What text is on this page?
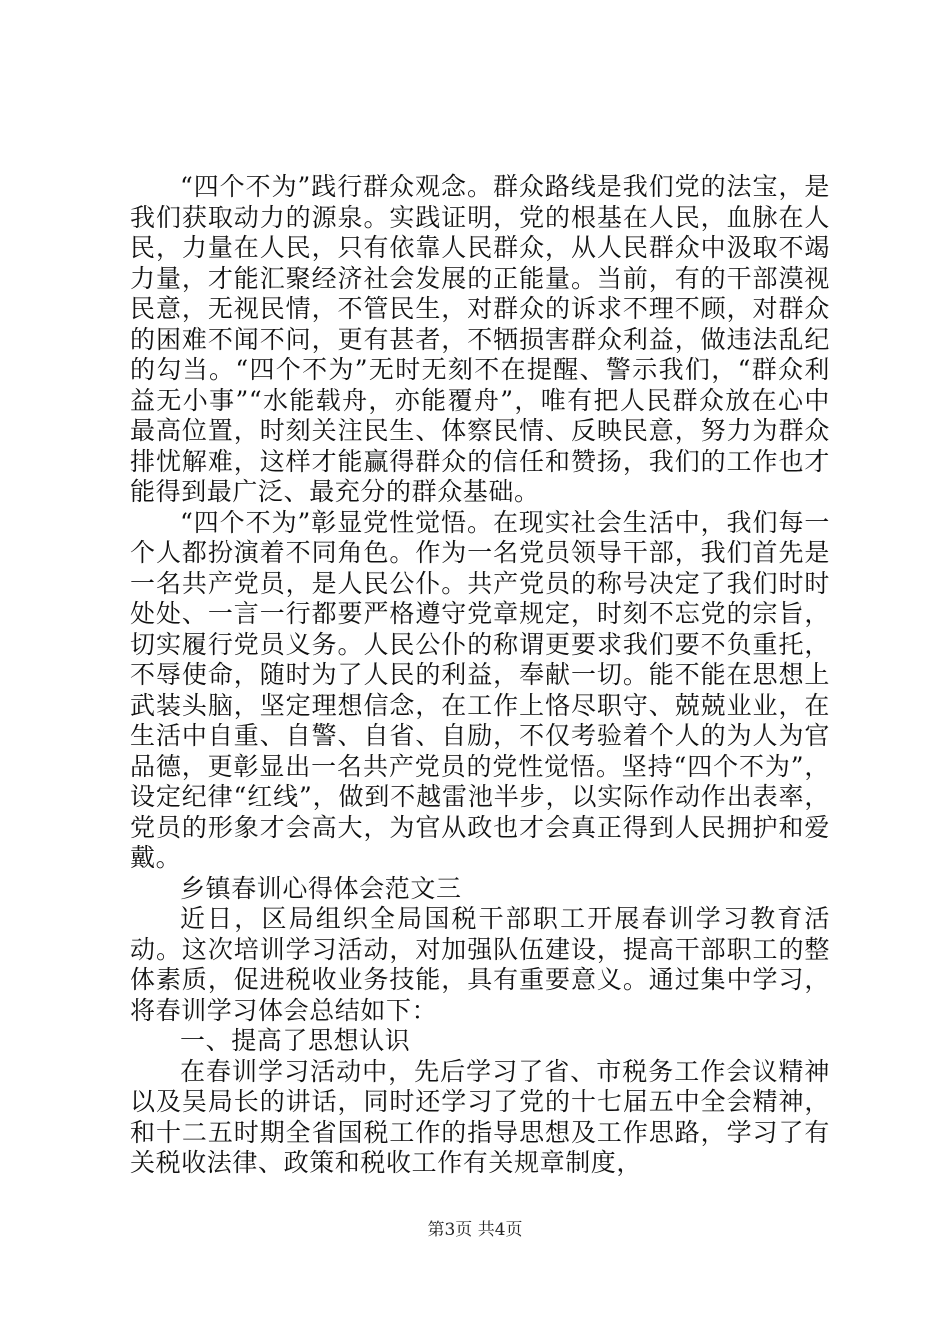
“四个不为”践行群众观念。群众路线是我们党的法宝，是我们获取动力的源泉。实践证明，党的根基在人民，血脉在人民，力量在人民，只有依靠人民群众，从人民群众中汲取不竭力量，才能汇聚经济社会发展的正能量。当前，有的干部漠视民意，无视民情，不管民生，对群众的诉求不理不顾，对群众的困难不闻不问，更有甚者，不牺损害群众利益，做违法乱纪的勾当。“四个不为”无时无刻不在提醒、警示我们，“群众利益无小事”“水能载舟，亦能覆舟”，唯有把人民群众放在心中最高位置，时刻关注民生、体察民情、反映民意，努力为群众排忧解难，这样才能赢得群众的信任和赞扬，我们的工作也才能得到最广泛、最充分的群众基础。

“四个不为”彰显党性觉悟。在现实社会生活中，我们每一个人都扮演着不同角色。作为一名党员领导干部，我们首先是一名共产党员，是人民公仆。共产党员的称号决定了我们时时处处、一言一行都要严格遵守党章规定，时刻不忘党的宗旨，切实履行党员义务。人民公仆的称谓更要求我们要不负重托，不辱使命，随时为了人民的利益，奉献一切。能不能在思想上武装头脑，坚定理想信念，在工作上恪尽职守、兢兢业业，在生活中自重、自警、自省、自励，不仅考验着个人的为人为官品德，更彰显出一名共产党员的党性觉悟。坚持“四个不为”，设定纪律“红线”，做到不越雷池半步，以实际作动作出表率，党员的形象才会高大，为官从政也才会真正得到人民拥护和爱戴。

乡镇春训心得体会范文三

近日，区局组织全局国税干部职工开展春训学习教育活动。这次培训学习活动，对加强队伍建设，提高干部职工的整体素质，促进税收业务技能，具有重要意义。通过集中学习，将春训学习体会总结如下：

一、提高了思想认识

在春训学习活动中，先后学习了省、市税务工作会议精神以及吴局长的讲话，同时还学习了党的十七届五中全会精神，和十二五时期全省国税工作的指导思想及工作思路，学习了有关税收法律、政策和税收工作有关规章制度，

第3页 共4页
